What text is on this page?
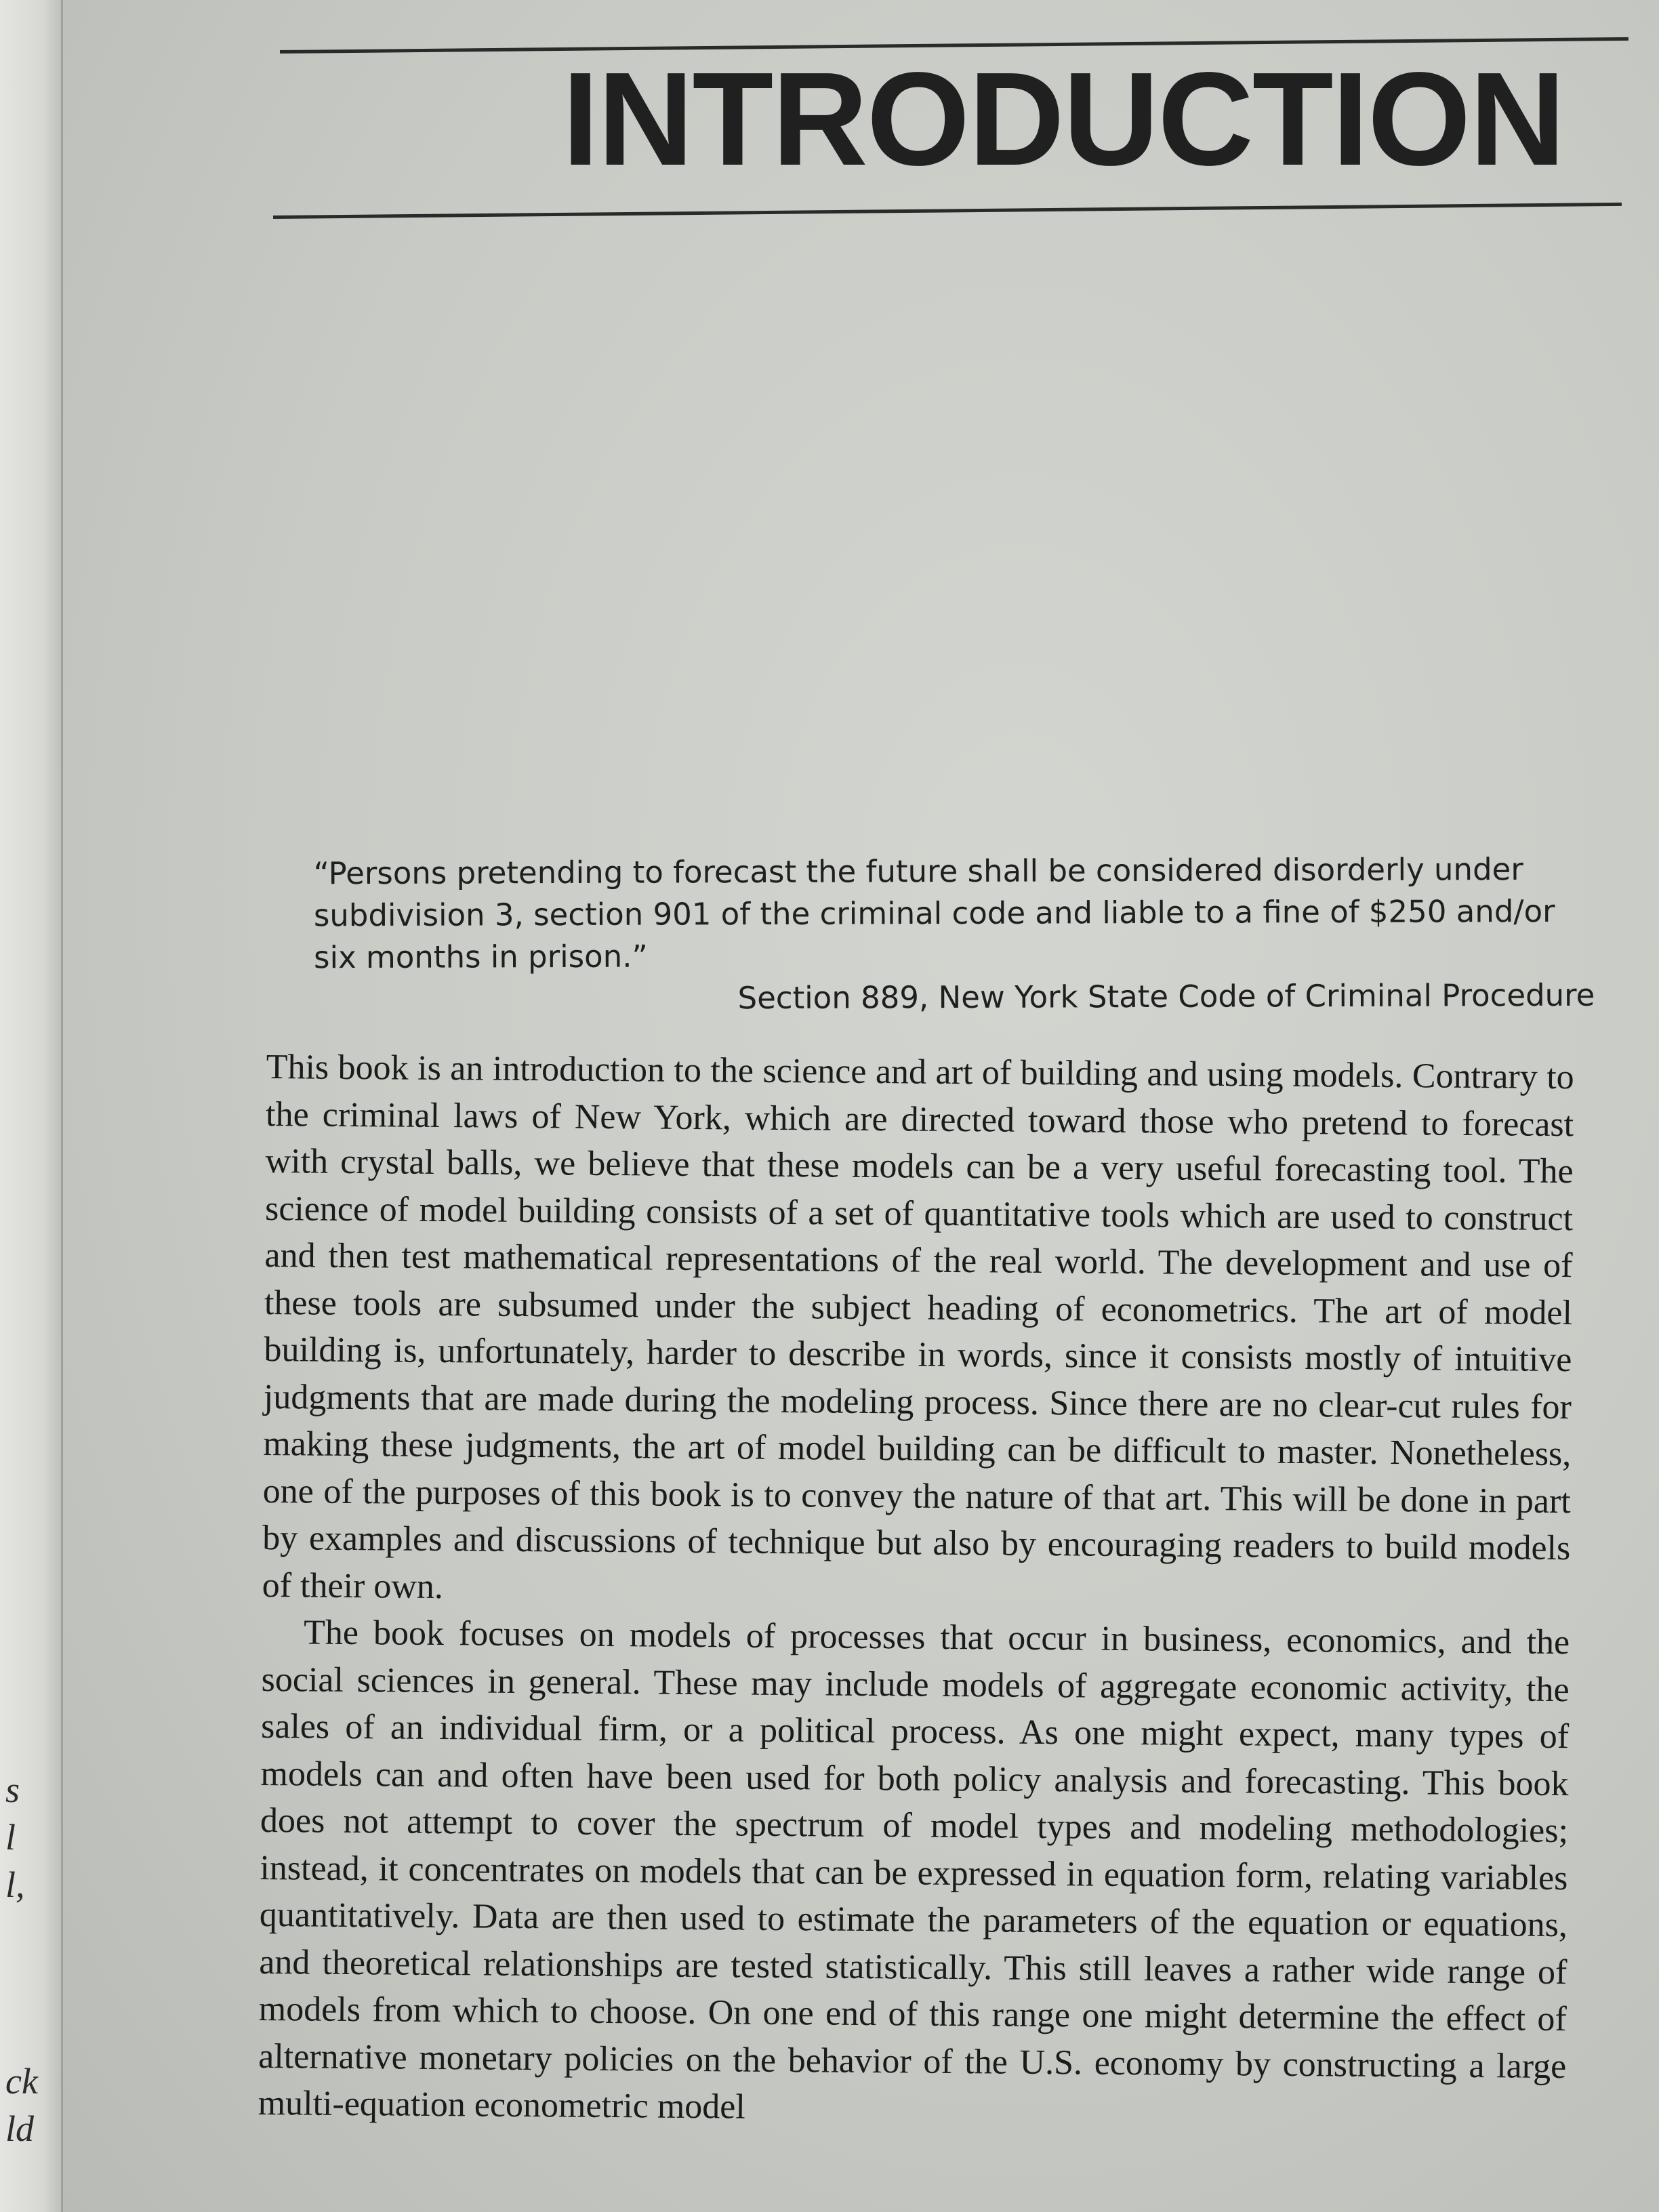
s
l
l,
ck
ld
INTRODUCTION

“Persons pretending to forecast the future shall be considered disorderly under subdivision 3, section 901 of the criminal code and liable to a fine of $250 and/or six months in prison.”

Section 889, New York State Code of Criminal Procedure

This book is an introduction to the science and art of building and using models. Contrary to the criminal laws of New York, which are directed toward those who pretend to forecast with crystal balls, we believe that these models can be a very useful forecasting tool. The science of model building consists of a set of quantitative tools which are used to construct and then test mathematical representations of the real world. The development and use of these tools are subsumed under the subject heading of econometrics. The art of model building is, unfortunately, harder to describe in words, since it consists mostly of intuitive judgments that are made during the modeling process. Since there are no clear-cut rules for making these judgments, the art of model building can be difficult to master. Nonetheless, one of the purposes of this book is to convey the nature of that art. This will be done in part by examples and discussions of technique but also by encouraging readers to build models of their own.

The book focuses on models of processes that occur in business, economics, and the social sciences in general. These may include models of aggregate economic activity, the sales of an individual firm, or a political process. As one might expect, many types of models can and often have been used for both policy analysis and forecasting. This book does not attempt to cover the spectrum of model types and modeling methodologies; instead, it concentrates on models that can be expressed in equation form, relating variables quantitatively. Data are then used to estimate the parameters of the equation or equations, and theoretical relationships are tested statistically. This still leaves a rather wide range of models from which to choose. On one end of this range one might determine the effect of alternative monetary policies on the behavior of the U.S. economy by constructing a large multi-equation econometric model
